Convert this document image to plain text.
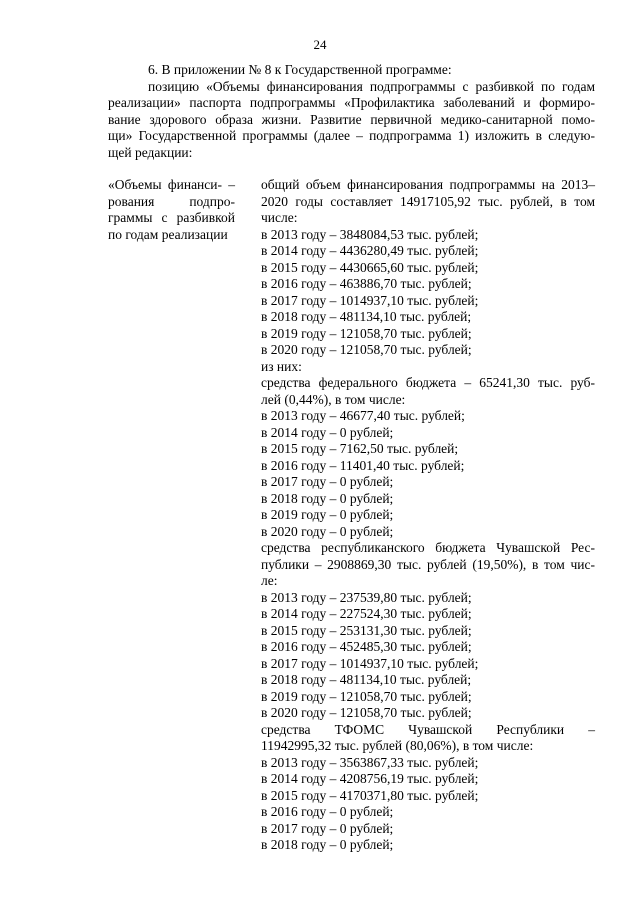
24

6. В приложении № 8 к Государственной программе:

позицию «Объемы финансирования подпрограммы с разбивкой по годам
реализации» паспорта подпрограммы «Профилактика заболеваний и формиро-
вание здорового образа жизни. Развитие первичной медико-санитарной помо-
щи» Государственной программы (далее – подпрограмма 1) изложить в следую-
щей редакции:

«Объемы финанси- –
рования подпро-
граммы с разбивкой
по годам реализации
общий объем финансирования подпрограммы на 2013–
2020 годы составляет 14917105,92 тыс. рублей, в том
числе:
в 2013 году – 3848084,53 тыс. рублей;
в 2014 году – 4436280,49 тыс. рублей;
в 2015 году – 4430665,60 тыс. рублей;
в 2016 году – 463886,70 тыс. рублей;
в 2017 году – 1014937,10 тыс. рублей;
в 2018 году – 481134,10 тыс. рублей;
в 2019 году – 121058,70 тыс. рублей;
в 2020 году – 121058,70 тыс. рублей;
из них:
средства федерального бюджета – 65241,30 тыс. руб-
лей (0,44%), в том числе:
в 2013 году – 46677,40 тыс. рублей;
в 2014 году – 0 рублей;
в 2015 году – 7162,50 тыс. рублей;
в 2016 году – 11401,40 тыс. рублей;
в 2017 году – 0 рублей;
в 2018 году – 0 рублей;
в 2019 году – 0 рублей;
в 2020 году – 0 рублей;
средства республиканского бюджета Чувашской Рес-
публики – 2908869,30 тыс. рублей (19,50%), в том чис-
ле:
в 2013 году – 237539,80 тыс. рублей;
в 2014 году – 227524,30 тыс. рублей;
в 2015 году – 253131,30 тыс. рублей;
в 2016 году – 452485,30 тыс. рублей;
в 2017 году – 1014937,10 тыс. рублей;
в 2018 году – 481134,10 тыс. рублей;
в 2019 году – 121058,70 тыс. рублей;
в 2020 году – 121058,70 тыс. рублей;
средства ТФОМС Чувашской Республики –
11942995,32 тыс. рублей (80,06%), в том числе:
в 2013 году – 3563867,33 тыс. рублей;
в 2014 году – 4208756,19 тыс. рублей;
в 2015 году – 4170371,80 тыс. рублей;
в 2016 году – 0 рублей;
в 2017 году – 0 рублей;
в 2018 году – 0 рублей;
